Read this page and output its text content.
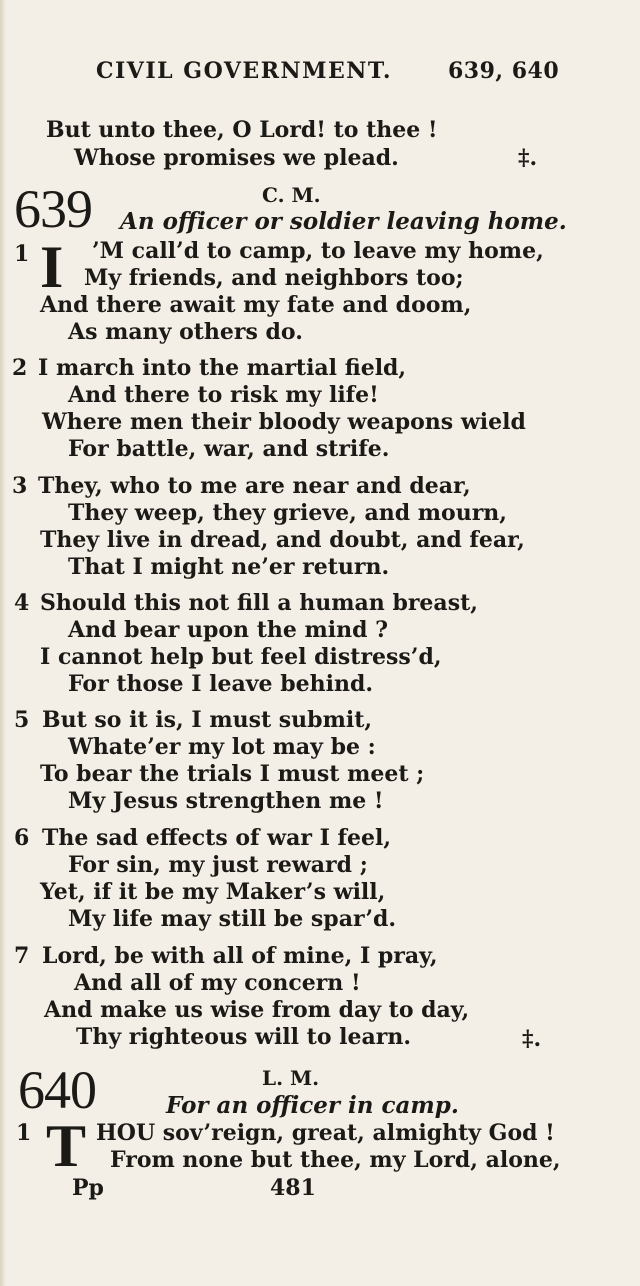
CIVIL GOVERNMENT.	639, 640
But unto thee, O Lord! to thee !
Whose promises we plead.	‡.
639	C. M.
An officer or soldier leaving home.
1 I ’M call’d to camp, to leave my home,
My friends, and neighbors too;
And there await my fate and doom,
As many others do.
2 I march into the martial field,
And there to risk my life!
Where men their bloody weapons wield
For battle, war, and strife.
3 They, who to me are near and dear,
They weep, they grieve, and mourn,
They live in dread, and doubt, and fear,
That I might ne’er return.
4 Should this not fill a human breast,
And bear upon the mind ?
I cannot help but feel distress’d,
For those I leave behind.
5 But so it is, I must submit,
Whate’er my lot may be :
To bear the trials I must meet ;
My Jesus strengthen me !
6 The sad effects of war I feel,
For sin, my just reward ;
Yet, if it be my Maker’s will,
My life may still be spar’d.
7 Lord, be with all of mine, I pray,
And all of my concern !
And make us wise from day to day,
Thy righteous will to learn.	‡.
640	L. M.
For an officer in camp.
1 T HOU sov’reign, great, almighty God !
From none but thee, my Lord, alone,
Pp	481
